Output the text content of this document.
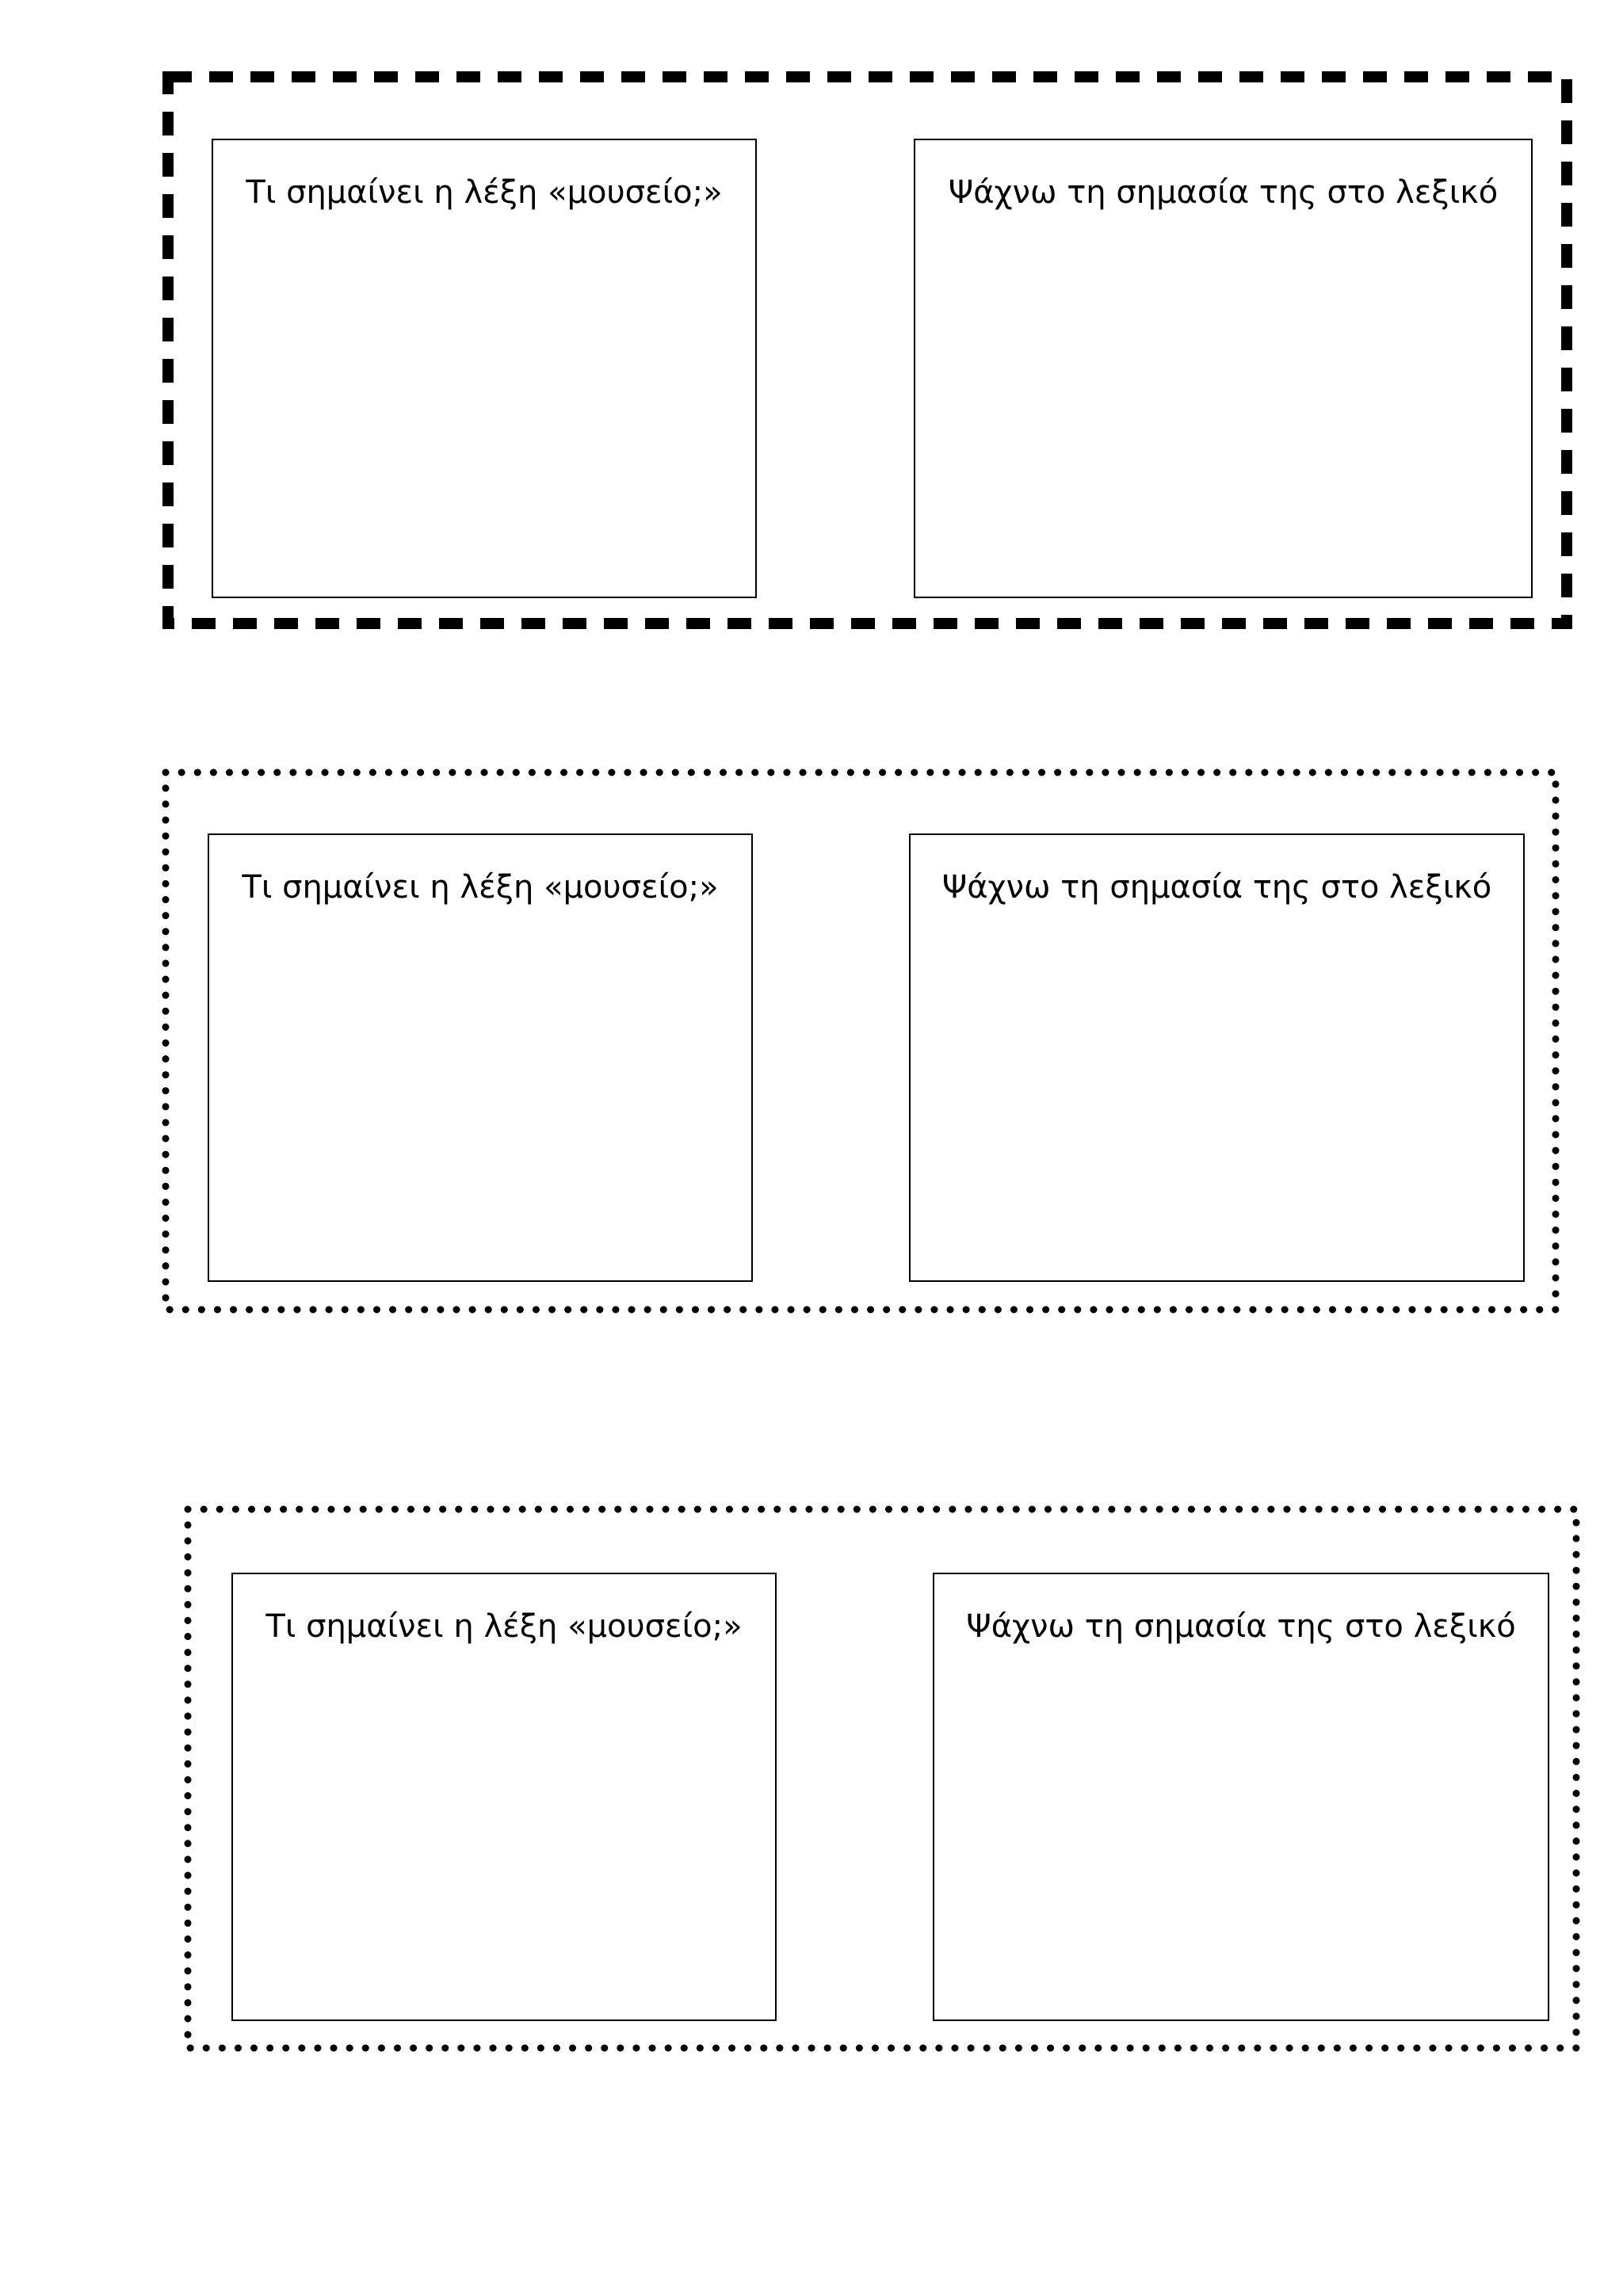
Τι σημαίνει η λέξη «μουσείο;»	Ψάχνω τη σημασία της στο λεξικό
Τι σημαίνει η λέξη «μουσείο;»	Ψάχνω τη σημασία της στο λεξικό
Τι σημαίνει η λέξη «μουσείο;»	Ψάχνω τη σημασία της στο λεξικό
